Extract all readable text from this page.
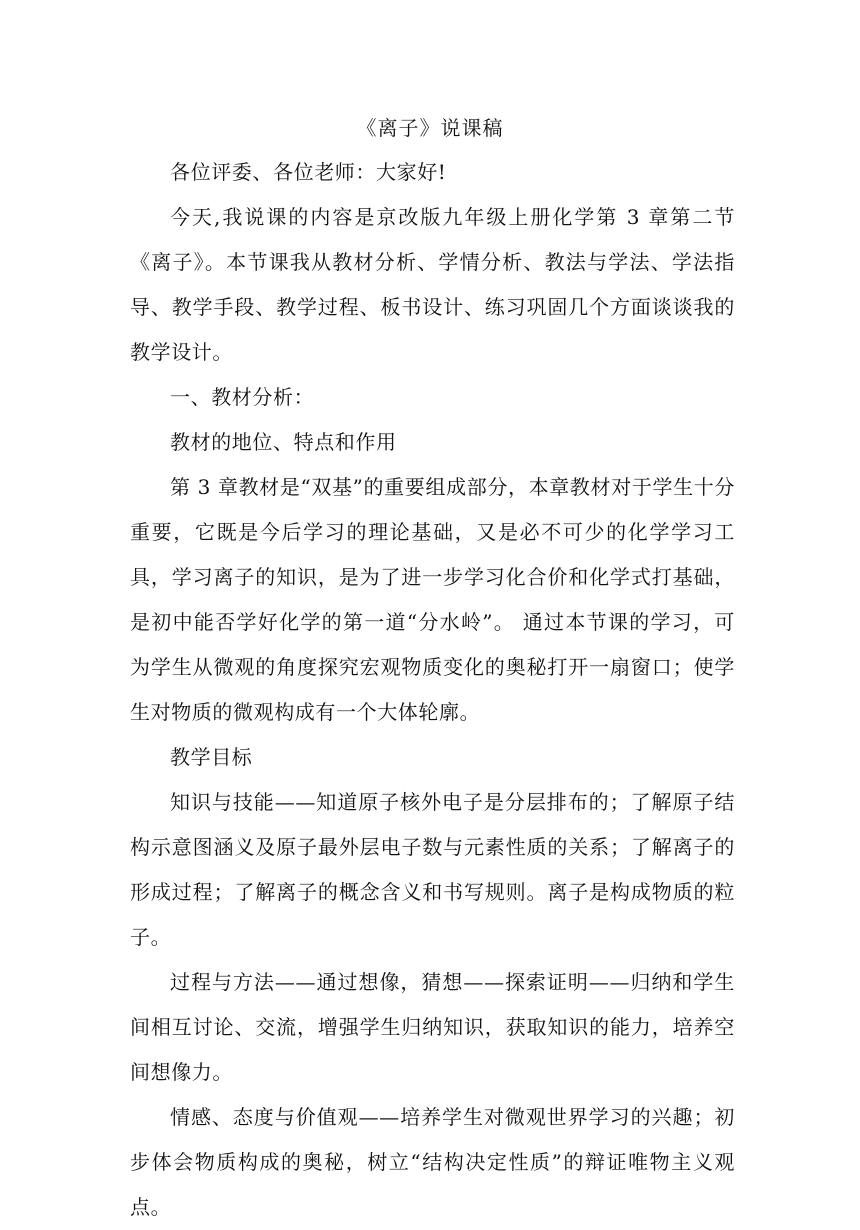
《离子》说课稿

各位评委、各位老师：大家好!

今天,我说课的内容是京改版九年级上册化学第 3 章第二节《离子》。本节课我从教材分析、学情分析、教法与学法、学法指导、教学手段、教学过程、板书设计、练习巩固几个方面谈谈我的教学设计。

一、教材分析：

教材的地位、特点和作用

第 3 章教材是“双基”的重要组成部分，本章教材对于学生十分重要，它既是今后学习的理论基础，又是必不可少的化学学习工具，学习离子的知识，是为了进一步学习化合价和化学式打基础，是初中能否学好化学的第一道“分水岭”。 通过本节课的学习，可为学生从微观的角度探究宏观物质变化的奥秘打开一扇窗口；使学生对物质的微观构成有一个大体轮廓。

教学目标

知识与技能——知道原子核外电子是分层排布的；了解原子结构示意图涵义及原子最外层电子数与元素性质的关系；了解离子的形成过程；了解离子的概念含义和书写规则。离子是构成物质的粒子。

过程与方法——通过想像，猜想——探索证明——归纳和学生间相互讨论、交流，增强学生归纳知识，获取知识的能力，培养空间想像力。

情感、态度与价值观——培养学生对微观世界学习的兴趣；初步体会物质构成的奥秘，树立“结构决定性质”的辩证唯物主义观点。
